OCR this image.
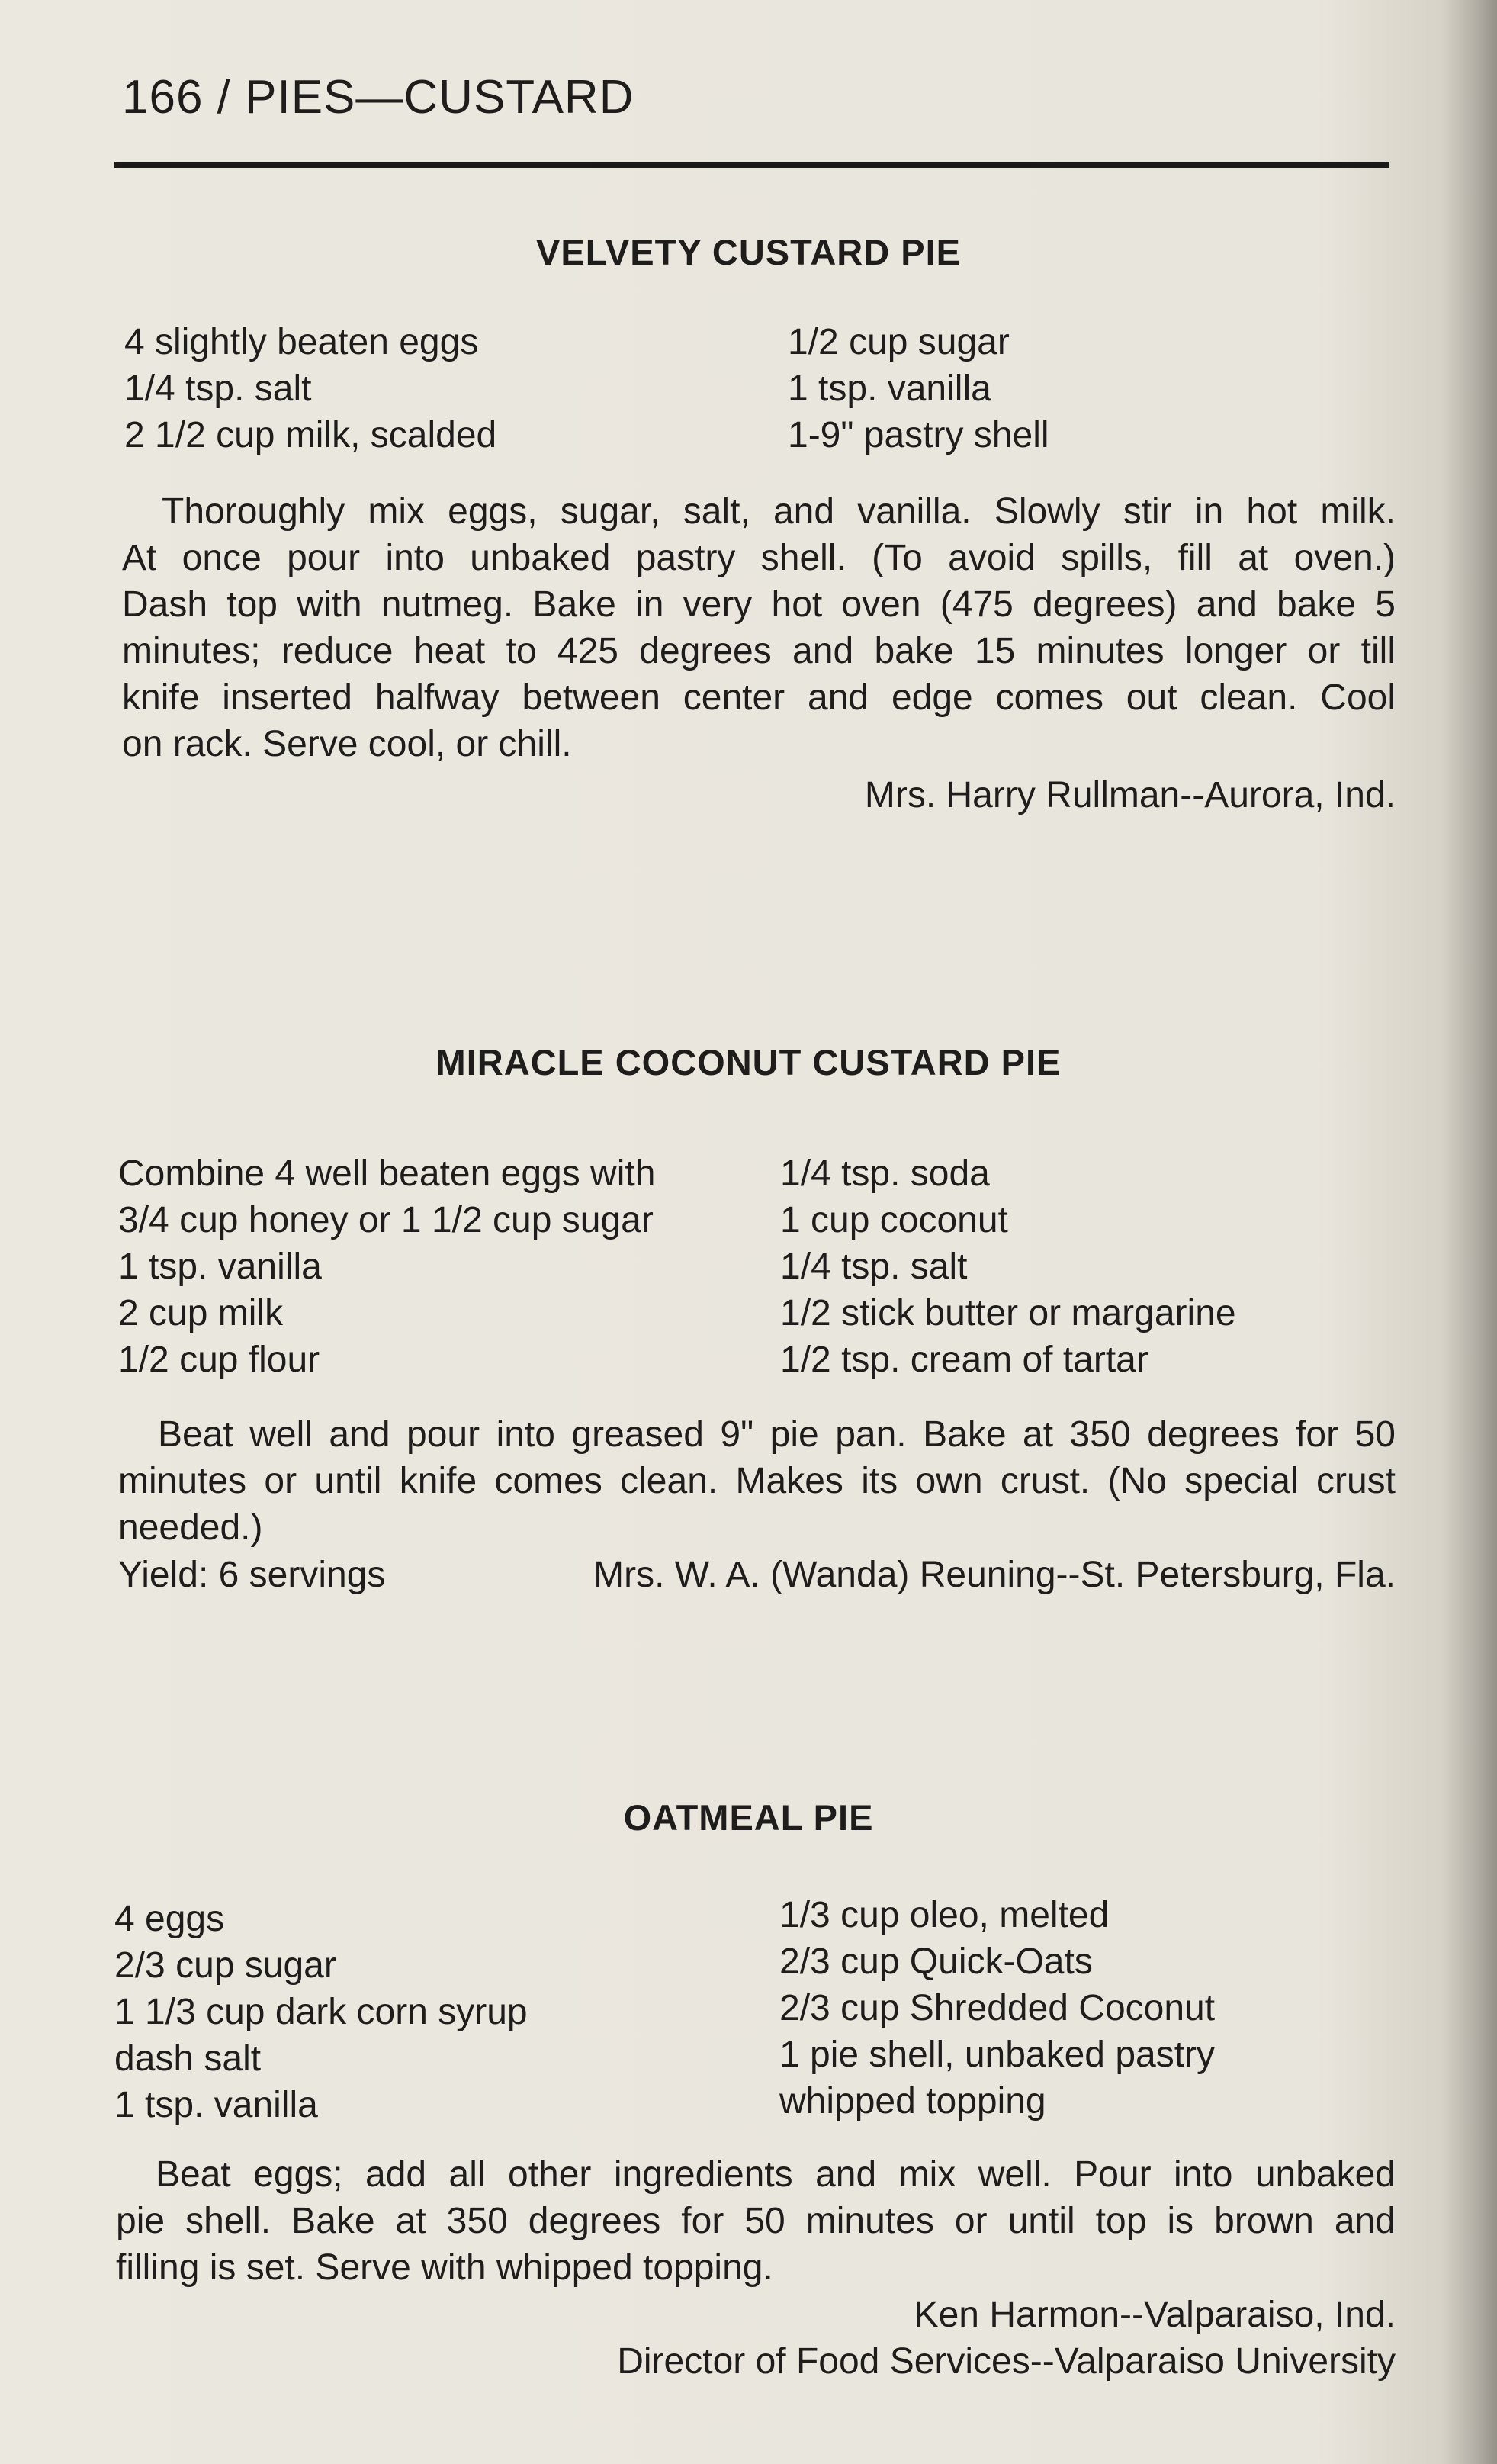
166 / PIES—CUSTARD
VELVETY CUSTARD PIE
4 slightly beaten eggs
1/4 tsp. salt
2 1/2 cup milk, scalded
1/2 cup sugar
1 tsp. vanilla
1-9" pastry shell
Thoroughly mix eggs, sugar, salt, and vanilla. Slowly stir in hot milk.
At once pour into unbaked pastry shell. (To avoid spills, fill at oven.)
Dash top with nutmeg. Bake in very hot oven (475 degrees) and bake 5
minutes; reduce heat to 425 degrees and bake 15 minutes longer or till
knife inserted halfway between center and edge comes out clean. Cool
on rack. Serve cool, or chill.
Mrs. Harry Rullman--Aurora, Ind.
MIRACLE COCONUT CUSTARD PIE
Combine 4 well beaten eggs with
3/4 cup honey or 1 1/2 cup sugar
1 tsp. vanilla
2 cup milk
1/2 cup flour
1/4 tsp. soda
1 cup coconut
1/4 tsp. salt
1/2 stick butter or margarine
1/2 tsp. cream of tartar
Beat well and pour into greased 9" pie pan. Bake at 350 degrees for 50
minutes or until knife comes clean. Makes its own crust. (No special crust
needed.)
Yield: 6 servings	Mrs. W. A. (Wanda) Reuning--St. Petersburg, Fla.
OATMEAL PIE
4 eggs
2/3 cup sugar
1 1/3 cup dark corn syrup
dash salt
1 tsp. vanilla
1/3 cup oleo, melted
2/3 cup Quick-Oats
2/3 cup Shredded Coconut
1 pie shell, unbaked pastry
whipped topping
Beat eggs; add all other ingredients and mix well. Pour into unbaked
pie shell. Bake at 350 degrees for 50 minutes or until top is brown and
filling is set. Serve with whipped topping.
Ken Harmon--Valparaiso, Ind.
Director of Food Services--Valparaiso University
